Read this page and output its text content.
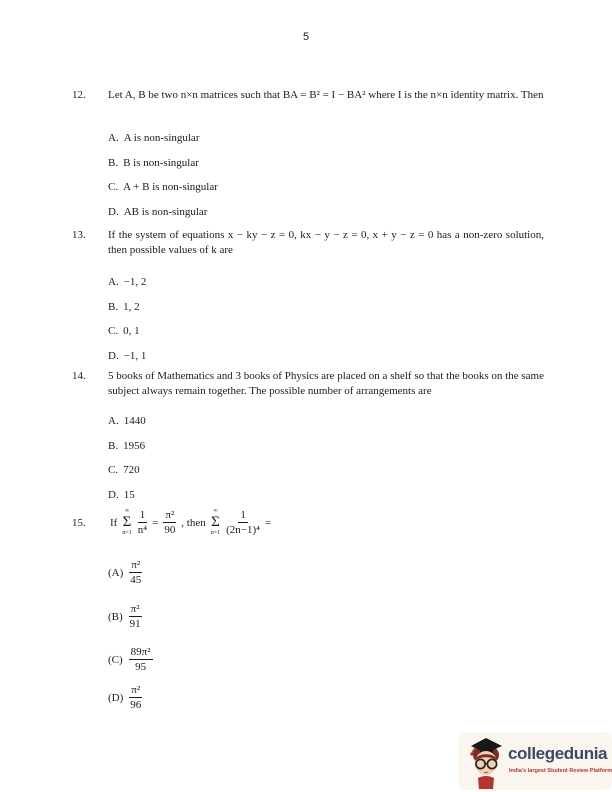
5
12.	Let A, B be two n×n matrices such that BA = B² = I − BA² where I is the n×n identity matrix. Then
A. A is non-singular
B. B is non-singular
C. A + B is non-singular
D. AB is non-singular
13.	If the system of equations x − ky − z = 0, kx − y − z = 0, x + y − z = 0 has a non-zero solution, then possible values of k are
A. −1, 2
B. 1, 2
C. 0, 1
D. −1, 1
14.	5 books of Mathematics and 3 books of Physics are placed on a shelf so that the books on the same subject always remain together. The possible number of arrangements are
A. 1440
B. 1956
C. 720
D. 15
15.	If
∞
Σ
$n=1 \frac{1}{\text{n⁴}} = \frac{\text{π²}}{90}$ , then
∞
Σ
$n=1 \frac{1}{\text{(2n−1)⁴}}$ =
$(A) \frac{\text{π²}}{45}$
$(B) \frac{\text{π²}}{91}$
$(C) \frac{\text{89π²}}{95}$
$(D) \frac{\text{π²}}{96}$
collegedunia
India's largest Student Review Platform
